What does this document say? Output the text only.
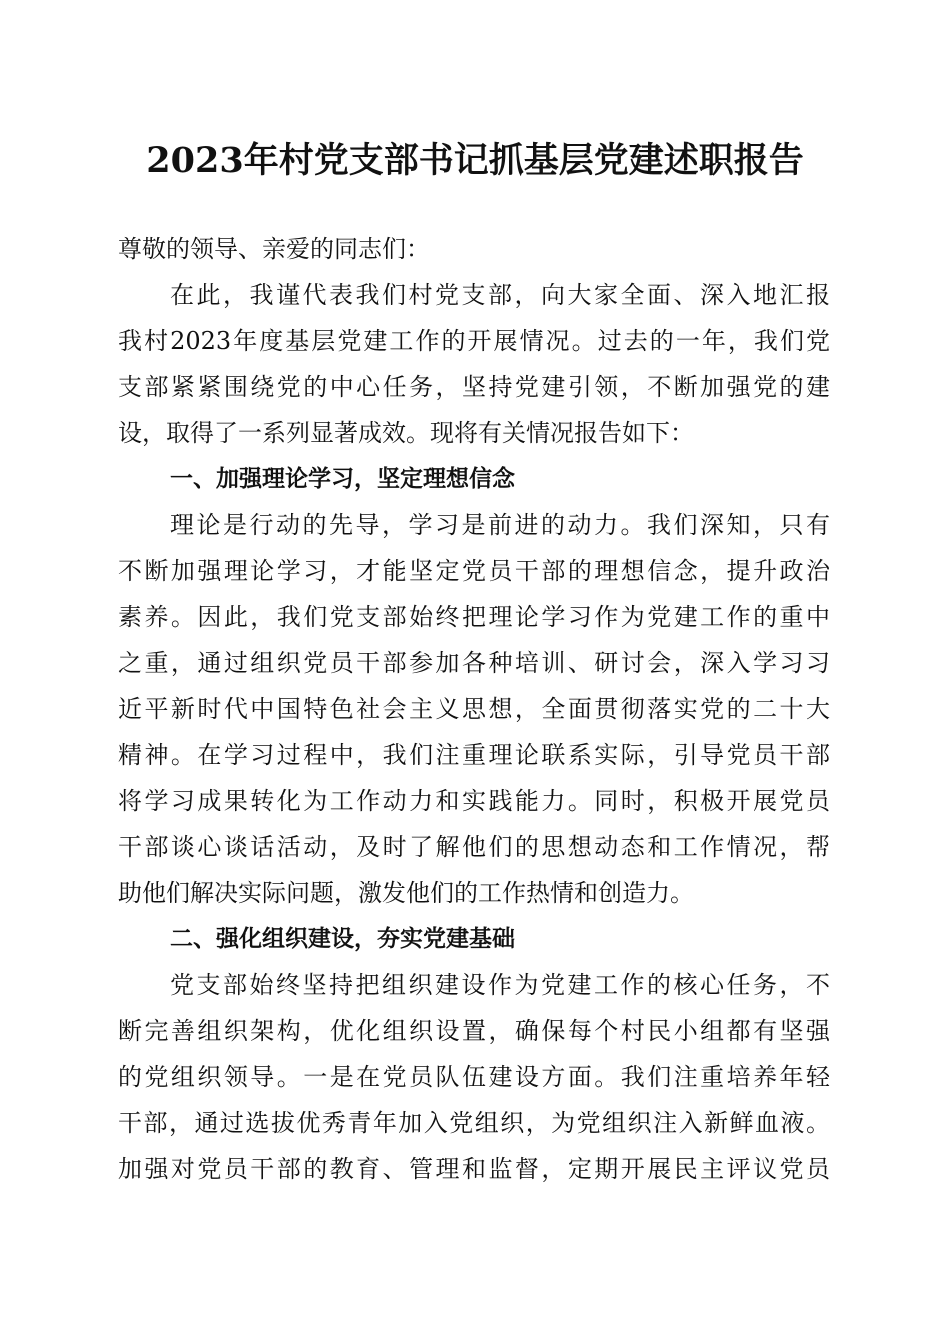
2023年村党支部书记抓基层党建述职报告
尊敬的领导、亲爱的同志们：
在此，我谨代表我们村党支部，向大家全面、深入地汇报
我村2023年度基层党建工作的开展情况。过去的一年，我们党
支部紧紧围绕党的中心任务，坚持党建引领，不断加强党的建
设，取得了一系列显著成效。现将有关情况报告如下：
一、加强理论学习，坚定理想信念
理论是行动的先导，学习是前进的动力。我们深知，只有
不断加强理论学习，才能坚定党员干部的理想信念，提升政治
素养。因此，我们党支部始终把理论学习作为党建工作的重中
之重，通过组织党员干部参加各种培训、研讨会，深入学习习
近平新时代中国特色社会主义思想，全面贯彻落实党的二十大
精神。在学习过程中，我们注重理论联系实际，引导党员干部
将学习成果转化为工作动力和实践能力。同时，积极开展党员
干部谈心谈话活动，及时了解他们的思想动态和工作情况，帮
助他们解决实际问题，激发他们的工作热情和创造力。
二、强化组织建设，夯实党建基础
党支部始终坚持把组织建设作为党建工作的核心任务，不
断完善组织架构，优化组织设置，确保每个村民小组都有坚强
的党组织领导。一是在党员队伍建设方面。我们注重培养年轻
干部，通过选拔优秀青年加入党组织，为党组织注入新鲜血液。
加强对党员干部的教育、管理和监督，定期开展民主评议党员
